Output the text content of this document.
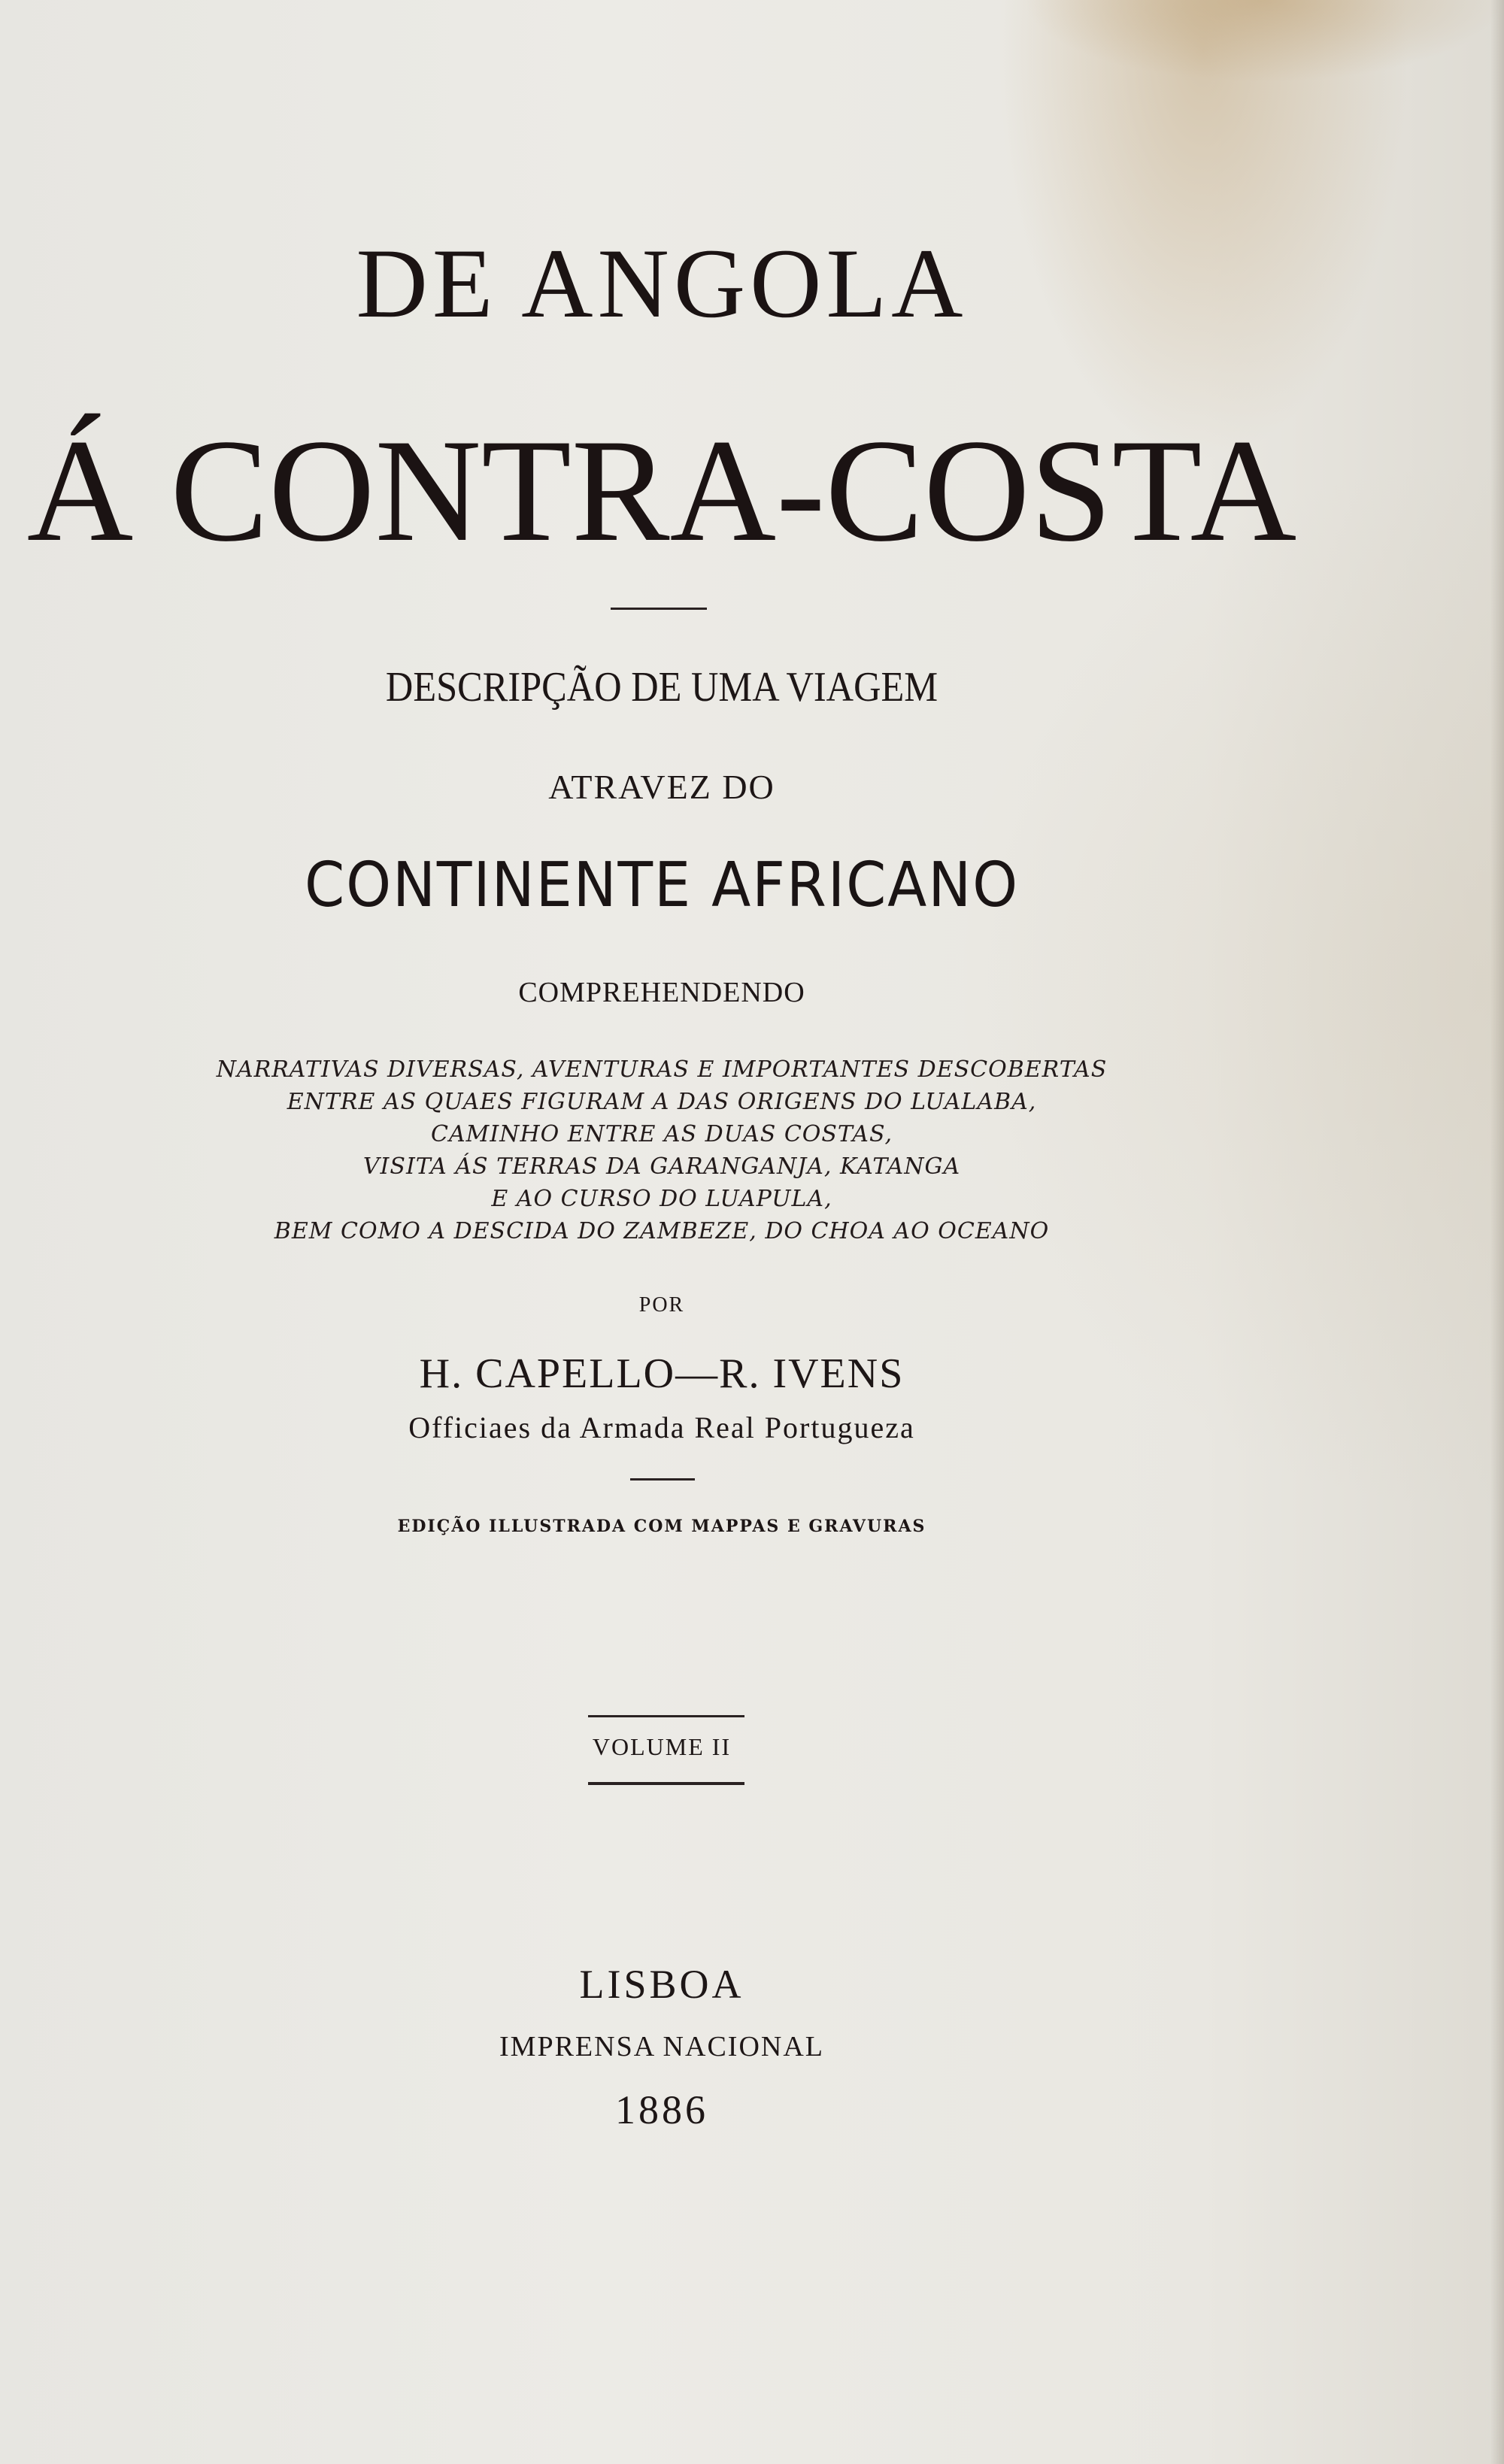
DE ANGOLA
Á CONTRA-COSTA
DESCRIPÇÃO DE UMA VIAGEM
ATRAVEZ DO
CONTINENTE AFRICANO
COMPREHENDENDO
NARRATIVAS DIVERSAS, AVENTURAS E IMPORTANTES DESCOBERTAS
ENTRE AS QUAES FIGURAM A DAS ORIGENS DO LUALABA,
CAMINHO ENTRE AS DUAS COSTAS,
VISITA ÁS TERRAS DA GARANGANJA, KATANGA
E AO CURSO DO LUAPULA,
BEM COMO A DESCIDA DO ZAMBEZE, DO CHOA AO OCEANO
POR
H. CAPELLO—R. IVENS
Officiaes da Armada Real Portugueza
EDIÇÃO ILLUSTRADA COM MAPPAS E GRAVURAS
VOLUME II
LISBOA
IMPRENSA NACIONAL
1886
